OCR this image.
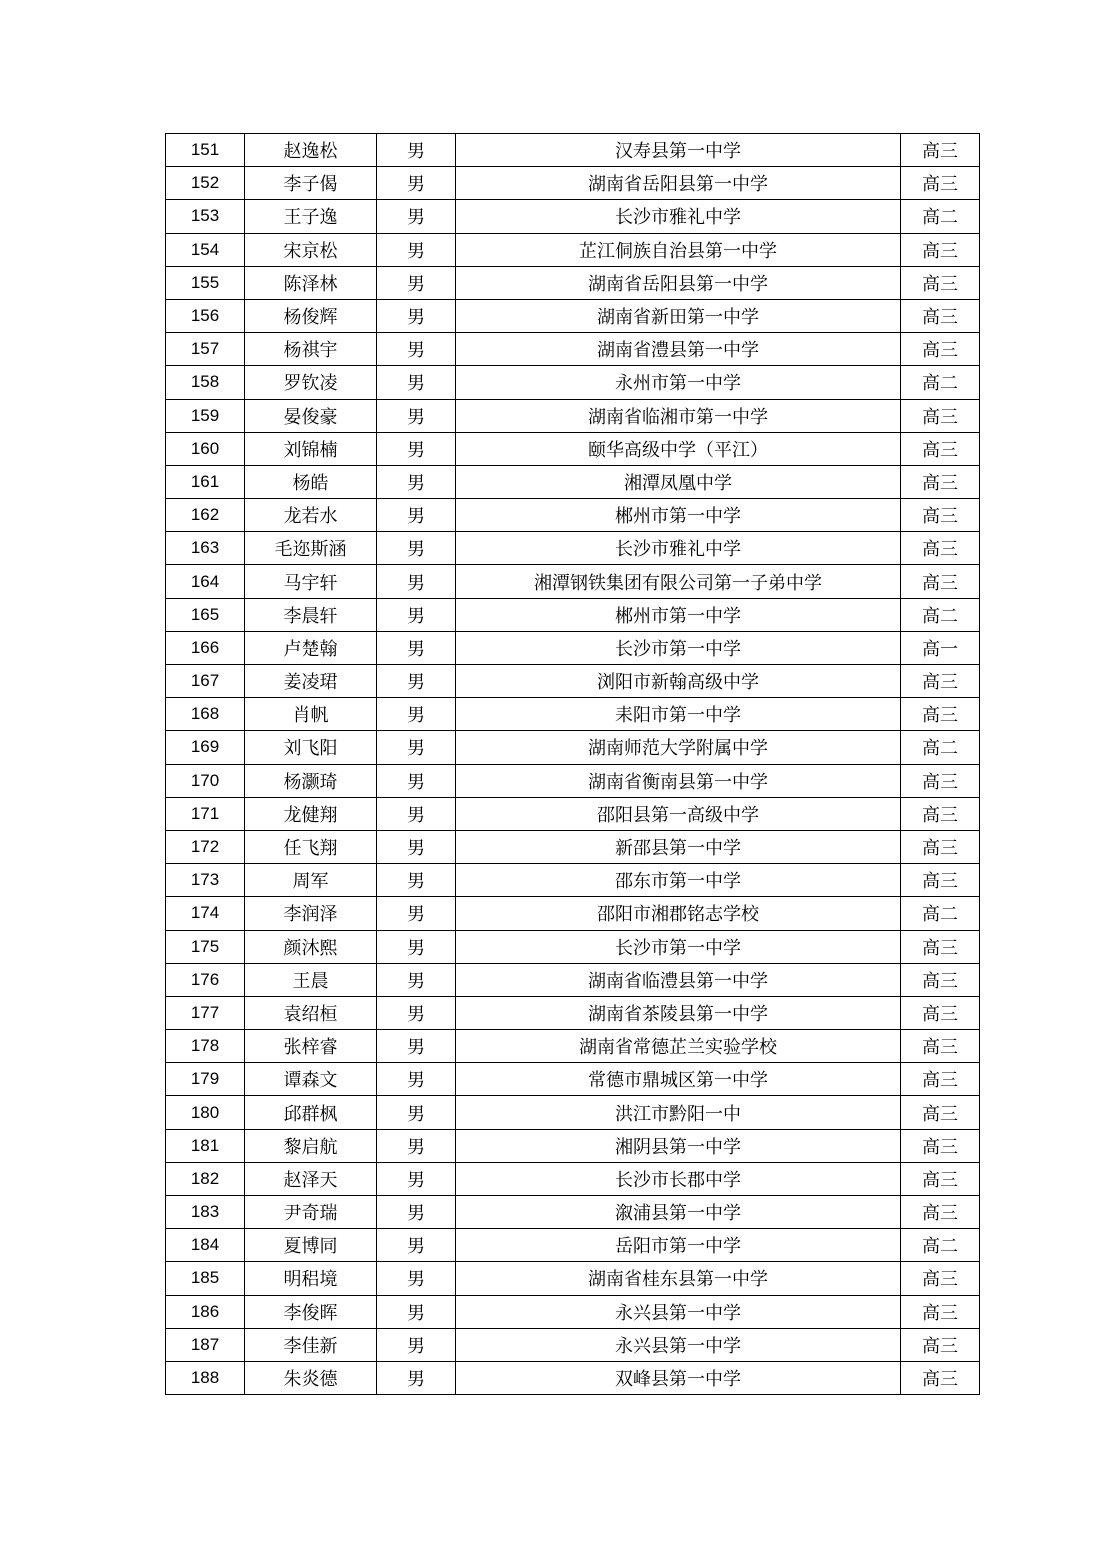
151	赵逸松	男	汉寿县第一中学	高三
152	李子偈	男	湖南省岳阳县第一中学	高三
153	王子逸	男	长沙市雅礼中学	高二
154	宋京松	男	芷江侗族自治县第一中学	高三
155	陈泽林	男	湖南省岳阳县第一中学	高三
156	杨俊辉	男	湖南省新田第一中学	高三
157	杨祺宇	男	湖南省澧县第一中学	高三
158	罗钦凌	男	永州市第一中学	高二
159	晏俊豪	男	湖南省临湘市第一中学	高三
160	刘锦楠	男	颐华高级中学（平江）	高三
161	杨皓	男	湘潭凤凰中学	高三
162	龙若水	男	郴州市第一中学	高三
163	毛迩斯涵	男	长沙市雅礼中学	高三
164	马宇轩	男	湘潭钢铁集团有限公司第一子弟中学	高三
165	李晨轩	男	郴州市第一中学	高二
166	卢楚翰	男	长沙市第一中学	高一
167	姜凌珺	男	浏阳市新翰高级中学	高三
168	肖帆	男	耒阳市第一中学	高三
169	刘飞阳	男	湖南师范大学附属中学	高二
170	杨灏琦	男	湖南省衡南县第一中学	高三
171	龙健翔	男	邵阳县第一高级中学	高三
172	任飞翔	男	新邵县第一中学	高三
173	周军	男	邵东市第一中学	高三
174	李润泽	男	邵阳市湘郡铭志学校	高二
175	颜沐熙	男	长沙市第一中学	高三
176	王晨	男	湖南省临澧县第一中学	高三
177	袁绍桓	男	湖南省茶陵县第一中学	高三
178	张梓睿	男	湖南省常德芷兰实验学校	高三
179	谭森文	男	常德市鼎城区第一中学	高三
180	邱群枫	男	洪江市黔阳一中	高三
181	黎启航	男	湘阴县第一中学	高三
182	赵泽天	男	长沙市长郡中学	高三
183	尹奇瑞	男	溆浦县第一中学	高三
184	夏博同	男	岳阳市第一中学	高二
185	明稆境	男	湖南省桂东县第一中学	高三
186	李俊晖	男	永兴县第一中学	高三
187	李佳新	男	永兴县第一中学	高三
188	朱炎德	男	双峰县第一中学	高三
